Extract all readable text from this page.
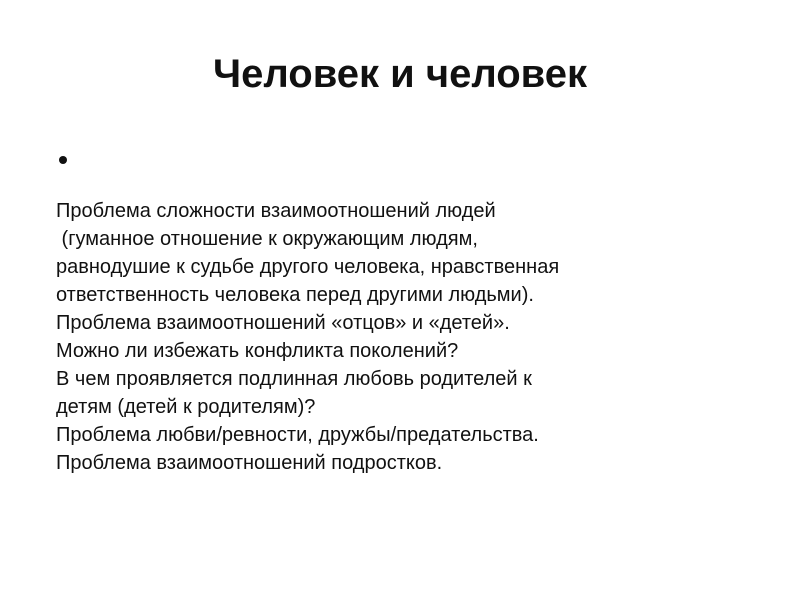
Человек и человек
Проблема сложности взаимоотношений людей
(гуманное отношение к окружающим людям,
равнодушие к судьбе другого человека, нравственная
ответственность человека перед другими людьми).
Проблема взаимоотношений «отцов» и «детей».
Можно ли избежать конфликта поколений?
В чем проявляется подлинная любовь родителей к
детям (детей к родителям)?
Проблема любви/ревности, дружбы/предательства.
Проблема взаимоотношений подростков.
